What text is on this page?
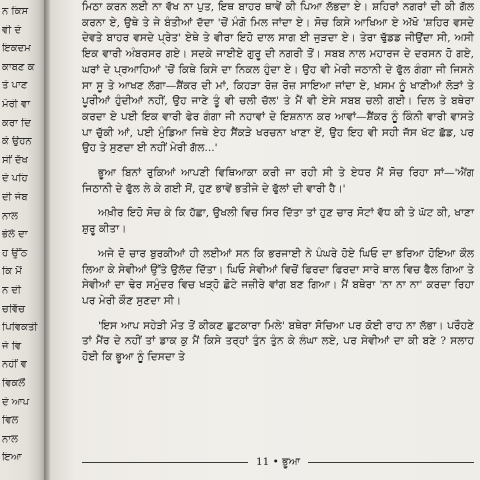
ਨ ਕਿਸ
ਵੀ ਦੇ
ਇਕਦਮ
ਕਾਬਣ ਕ
ਤੇ ਪਾਣ
ਮੋਰੀ ਵਾ
ਕਰਾ ਦਿ
ਕੇ ਉਹਨ
ਸੀਂ ਦੱਖ
ਦੇ ਪਹਿ
ਦੀ ਜੇਬ
ਨਾਲ
ਭੇਲੇ ਦਾ
ਹ ਉੱਠ
ਕਿ ਮੈਂ
ਨ ਦੀ
ਚਵਿੱਚ
ਪਿਵਿਕਤੀ
ਜੇ ਵਿ
ਨਹੀਂ ਵ
ਵਿਕਲੋਂ
ਦੇ ਆਪ
ਵਿਲ
ਨਾਲ
ਇਆ

ਮਿਠਾ ਕਰਨ ਲਈ ਨਾ ਵੱਖ ਨਾ ਪੁਤ, ਇਥ ਬਾਹਰ ਥਾਵੇਂ ਕੀ ਪਿਆ ਲੱਭਦਾ ਏ। ਸ਼ਹਿਰਾਂ ਨਗਰਾਂ ਦੀ ਕੀ ਗੱਲ ਕਰਨਾ ਏ, ਉਥੇ ਤੇ ਜੇ ਬੰਤੀਆਂ ਦੱਦਾ 'ਚੋਂ ਮੰਗੋ ਮਿਲ ਜਾਂਦਾ ਏ। ਸੋਚ ਕਿਸੇ ਆਖਿਆ ਏ ਅੱਖੋ 'ਸ਼ਹਿਰ ਵਸਦੇ ਦੇਵਤੇ ਬਾਹਰ ਵਸਦੇ ਪ੍ਰੇਤ' ਏਥੇ ਤੇ ਵੀਰਾ ਇਹੋ ਦਾਲ ਸਾਗ ਈ ਜੁੜਦਾ ਏ। ਤੇਰਾ ਢੁੱਡਡ ਜੀਉਂਦਾ ਸੀ, ਅਸੀ ਇਕ ਵਾਰੀ ਅੰਬਰਸਰ ਗਏ। ਸਦਕੇ ਜਾਈਏ ਗੁਰੂ ਦੀ ਨਗਰੀ ਤੋਂ। ਸਬਬ ਨਾਲ ਮਹਾਰਜ ਦੇ ਦਰਸਨ ਹੋ ਗਏ, ਘਰਾਂ ਦੇ ਪ੍ਰਆਹਿਆਂ 'ਚੋਂ ਕਿਥੇ ਕਿਸੇ ਦਾ ਨਿਕਲ ਹੁੰਦਾ ਏ। ਉਹ ਵੀ ਮੇਰੀ ਜਠਾਨੀ ਦੇ ਫੁੱਲ ਗੰਗਾ ਜੀ ਜਿਸਨੇ ਸਾ ਸੂ ਤੇ ਆਖਣ ਲੱਗਾ—ਸ਼ੈਂਕਰ ਦੀ ਮਾਂ, ਕਿਹੜਾ ਰੋਜ਼ ਰੋਜ਼ ਸਾਇਆ ਜਾਂਦਾ ਏ, ਖ਼ਸਮ ਨੂੰ ਖਾਣੀਆਂ ਲੋੜਾਂ ਤੇ ਪੂਰੀਆਂ ਹੁੰਦੀਆਂ ਨਹੀਂ, ਉਹ ਜਾਣੇ ਤੂੰ ਵੀ ਚਲੀ ਚੱਲ' ਤੇ ਮੈਂ ਵੀ ਏਸੇ ਸਬਬ ਚਲੀ ਗਈ। ਦਿਲ ਤੇ ਬਥੇਰਾ ਕਰਦਾ ਏ ਪਈ ਇਕ ਵਾਰੀ ਫੇਰ ਗੰਗਾ ਜੀ ਨਹਾਵਾਂ ਦੇ ਇਸ਼ਨਾਨ ਕਰ ਆਵਾਂ—ਸ਼ੈਂਕਰ ਨੂੰ ਕਿੰਨੀ ਵਾਰੀ ਵਾਸਤੇ ਪਾ ਚੁੱਕੀ ਆਂ, ਪਈ ਮੁੰਡਿਆ ਜਿਥੇ ਏਹ ਸੈਂਕੜੇ ਖਰਚਨਾ ਖਾਣਾ ਏਂ, ਉਹ ਇਹ ਵੀ ਸਹੀ ਜੱਸ ਖੱਟ ਛੱਡ, ਪਰ ਉਹ ਤੇ ਸੁਣਦਾ ਈ ਨਹੀਂ ਮੇਰੀ ਗੱਲ...'

ਭੂਆ ਬਿਨਾਂ ਰੁਕਿਆਂ ਆਪਣੀ ਵਿਥਿਆਕਾ ਕਰੀ ਜਾ ਰਹੀ ਸੀ ਤੇ ਏਧਰ ਮੈਂ ਸੋਚ ਰਿਹਾ ਸਾਂ—'ਐਂਗ ਜਿਠਾਨੀ ਦੇ ਫੁੱਲ ਲੇ ਕੇ ਗਈ ਸੋਂ, ਹੁਣ ਭਾਵੇਂ ਭਤੀਜੇ ਦੇ ਫੁੱਲਾਂ ਦੀ ਵਾਰੀ ਹੈ।'

ਅਖ਼ੀਰ ਇਹੋ ਸੋਚ ਕੇ ਕਿ ਹੱਛਾ, ਉਖਲੀ ਵਿਚ ਸਿਰ ਦਿੱਤਾ ਤਾਂ ਹੁਣ ਚਾਰ ਸੋਟਾਂ ਵੱਧ ਕੀ ਤੇ ਘੱਟ ਕੀ, ਖਾਣਾ ਸ਼ੁਰੂ ਕੀਤਾ।

ਅਜੇ ਦੋ ਚਾਰ ਬੁਰਕੀਆਂ ਹੀ ਲਈਆਂ ਸਨ ਕਿ ਭਰਜਾਈ ਨੇ ਪੰਘਰੇ ਹੋਏ ਘਿਓ ਦਾ ਭਰਿਆ ਹੋਇਆ ਕੌਲ ਲਿਆ ਕੇ ਸੇਵੀਆਂ ਉੱਤੇ ਉਲੱਦ ਦਿੱਤਾ। ਘਿਓ ਸੇਵੀਆਂ ਵਿਚੋਂ ਫਿਰਦਾ ਫਿਰਦਾ ਸਾਰੇ ਥਾਲ ਵਿਚ ਫੈਲ ਗਿਆ ਤੇ ਸੇਵੀਆਂ ਦਾ ਢੇਰ ਸਮੁੰਦਰ ਵਿਚ ਖੜ੍ਹੋ ਛੋਟੇ ਜਜ਼ੀਰੇ ਵਾਂਗ ਬਣ ਗਿਆ। ਮੈਂ ਬਥੇਰਾ 'ਨਾ ਨਾ ਨਾ' ਕਰਦਾ ਰਿਹਾ ਪਰ ਮੇਰੀ ਕੌਣ ਸੁਣਦਾ ਸੀ।

'ਇਸ ਆਪ ਸਹੇੜੀ ਮੌਤ ਤੋਂ ਕੀਕਣ ਛੁਟਕਾਰਾ ਮਿਲੇ' ਬਥੇਰਾ ਸੋਚਿਆ ਪਰ ਕੋਈ ਰਾਹ ਨਾ ਲੱਭਾ। ਪਰੌਹਣੇ ਤਾਂ ਮੈਂਰ ਦੇ ਨਹੀਂ ਤਾਂ ਡਾਕ ਕੁ ਮੈਂ ਕਿਸੇ ਤਰ੍ਹਾਂ ਤੁੰਨ ਤੁੰਨ ਕੇ ਲੰਘਾ ਲਏ, ਪਰ ਸੇਵੀਆਂ ਦਾ ਕੀ ਬਣੇ ? ਸਲਾਹ ਹੋਈ ਕਿ ਭੂਆ ਨੂੰ ਦਿਸਦਾ ਤੇ

11 • ਭੂਆ
